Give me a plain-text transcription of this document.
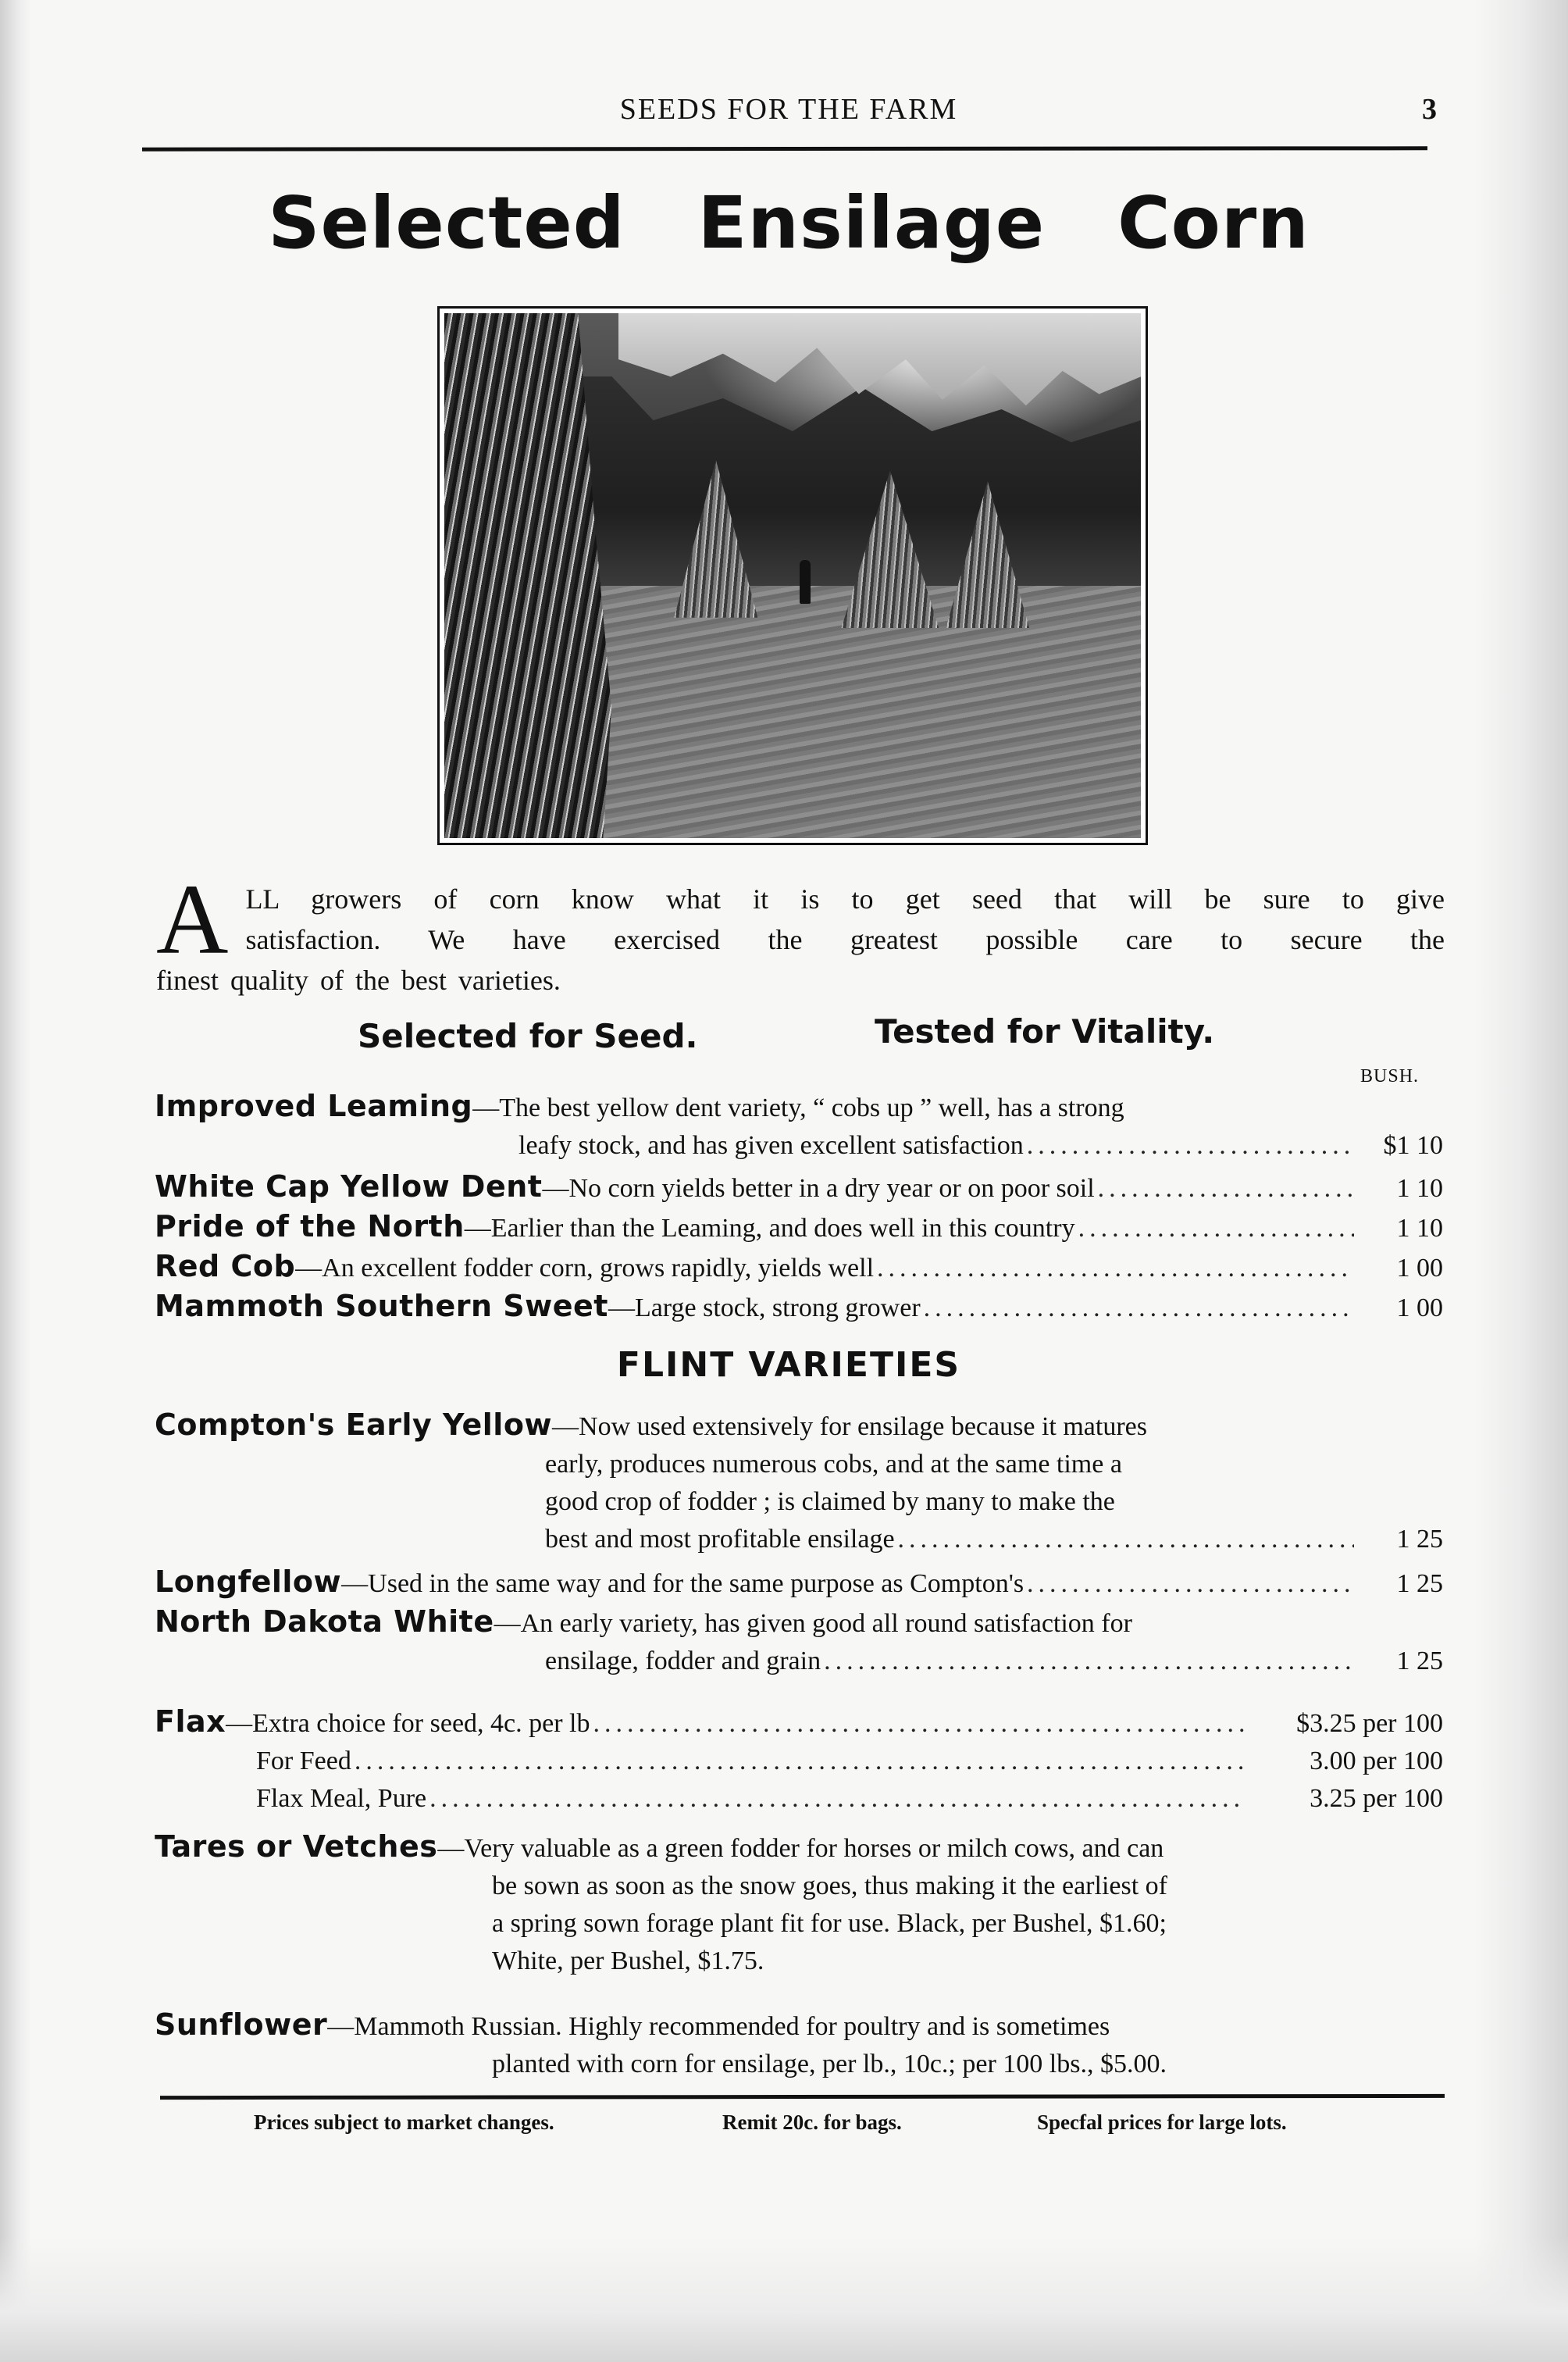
SEEDS FOR THE FARM	3
Selected Ensilage Corn
A LL growers of corn know what it is to get seed that will be sure to give
satisfaction. We have exercised the greatest possible care to secure the
finest quality of the best varieties.
Selected for Seed.	Tested for Vitality.
BUSH.
Improved Leaming —The best yellow dent variety, “ cobs up ” well, has a strong
leafy stock, and has given excellent satisfaction .....	$1 10
White Cap Yellow Dent —No corn yields better in a dry year or on poor soil .....	1 10
Pride of the North —Earlier than the Leaming, and does well in this country .....	1 10
Red Cob —An excellent fodder corn, grows rapidly, yields well .....	1 00
Mammoth Southern Sweet —Large stock, strong grower .....	1 00
FLINT VARIETIES
Compton's Early Yellow —Now used extensively for ensilage because it matures
early, produces numerous cobs, and at the same time a
good crop of fodder ; is claimed by many to make the
best and most profitable ensilage .....	1 25
Longfellow —Used in the same way and for the same purpose as Compton's .....	1 25
North Dakota White —An early variety, has given good all round satisfaction for
ensilage, fodder and grain .....	1 25
Flax —Extra choice for seed, 4c. per lb .....	$3.25 per 100
For Feed .....	3.00 per 100
Flax Meal, Pure .....	3.25 per 100
Tares or Vetches —Very valuable as a green fodder for horses or milch cows, and can
be sown as soon as the snow goes, thus making it the earliest of
a spring sown forage plant fit for use. Black, per Bushel, $1.60;
White, per Bushel, $1.75.
Sunflower —Mammoth Russian. Highly recommended for poultry and is sometimes
planted with corn for ensilage, per lb., 10c.; per 100 lbs., $5.00.
Prices subject to market changes.	Remit 20c. for bags.	Specfal prices for large lots.
